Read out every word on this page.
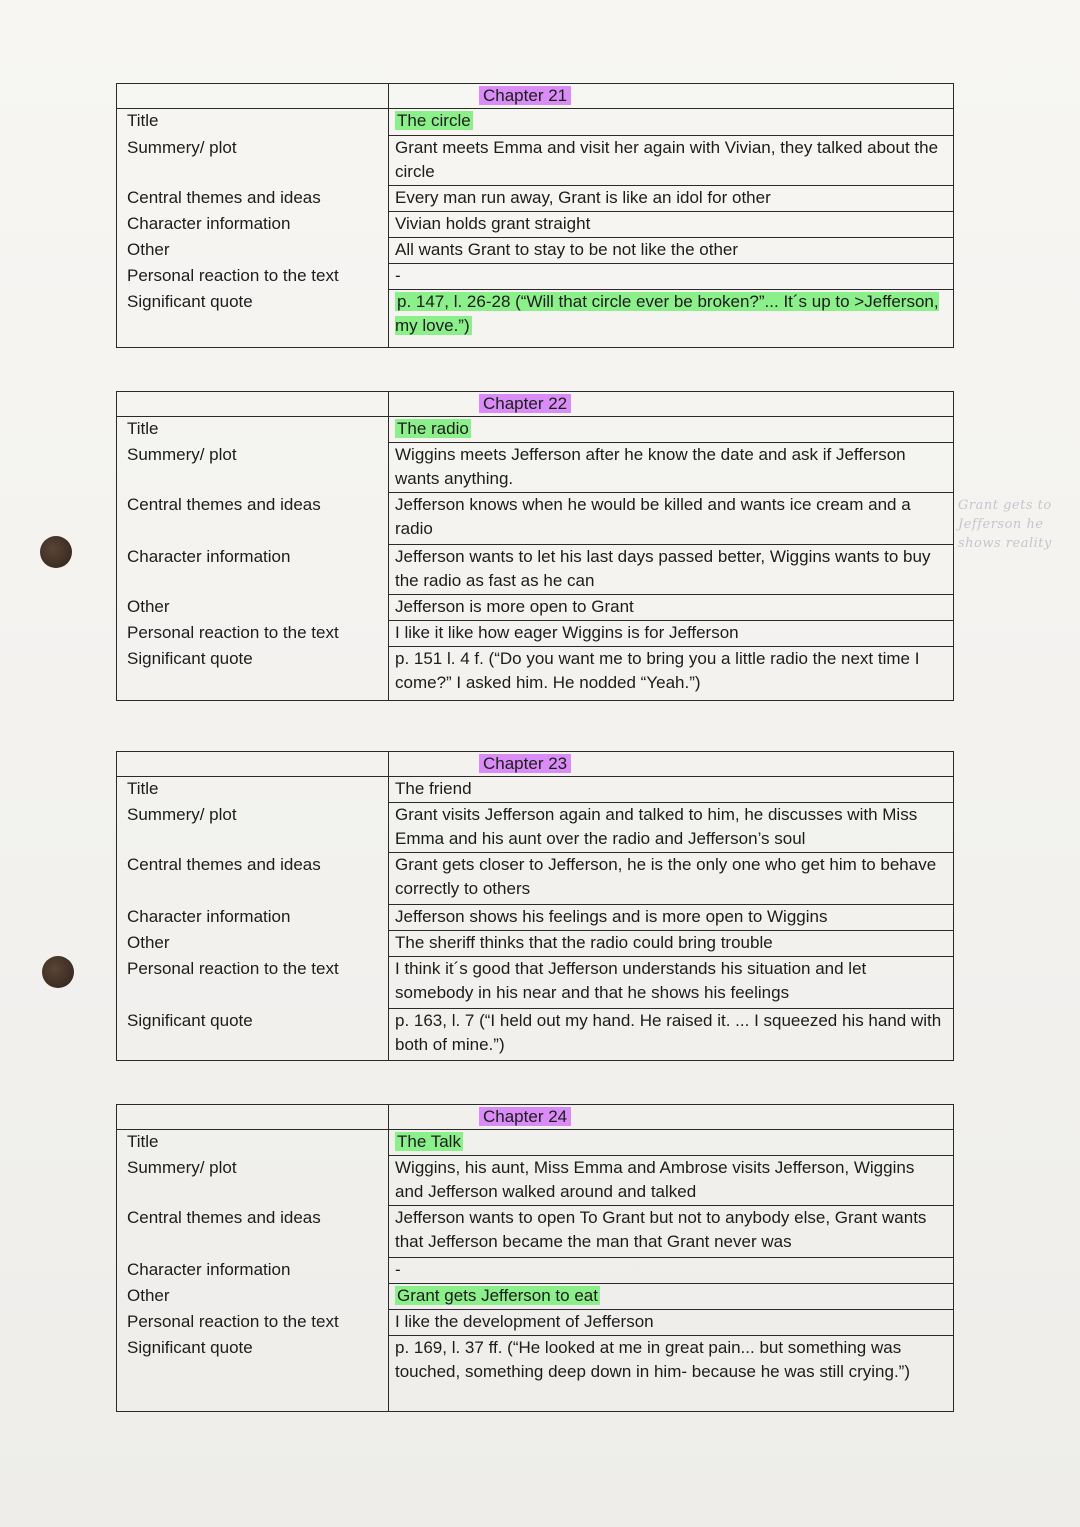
	Chapter 21
Title	The circle
Summery/ plot	Grant meets Emma and visit her again with Vivian, they talked about the circle
Central themes and ideas	Every man run away, Grant is like an idol for other
Character information	Vivian holds grant straight
Other	All wants Grant to stay to be not like the other
Personal reaction to the text	-
Significant quote	p. 147, l. 26-28 (“Will that circle ever be broken?”... It´s up to >Jefferson, my love.”)
	Chapter 22
Title	The radio
Summery/ plot	Wiggins meets Jefferson after he know the date and ask if Jefferson wants anything.
Central themes and ideas	Jefferson knows when he would be killed and wants ice cream and a radio
Character information	Jefferson wants to let his last days passed better, Wiggins wants to buy the radio as fast as he can
Other	Jefferson is more open to Grant
Personal reaction to the text	I like it like how eager Wiggins is for Jefferson
Significant quote	p. 151 l. 4 f. (“Do you want me to bring you a little radio the next time I come?” I asked him. He nodded “Yeah.”)
	Chapter 23
Title	The friend
Summery/ plot	Grant visits Jefferson again and talked to him, he discusses with Miss Emma and his aunt over the radio and Jefferson’s soul
Central themes and ideas	Grant gets closer to Jefferson, he is the only one who get him to behave correctly to others
Character information	Jefferson shows his feelings and is more open to Wiggins
Other	The sheriff thinks that the radio could bring trouble
Personal reaction to the text	I think it´s good that Jefferson understands his situation and let somebody in his near and that he shows his feelings
Significant quote	p. 163, l. 7 (“I held out my hand. He raised it. ... I squeezed his hand with both of mine.”)
	Chapter 24
Title	The Talk
Summery/ plot	Wiggins, his aunt, Miss Emma and Ambrose visits Jefferson, Wiggins and Jefferson walked around and talked
Central themes and ideas	Jefferson wants to open To Grant but not to anybody else, Grant wants that Jefferson became the man that Grant never was
Character information	-
Other	Grant gets Jefferson to eat
Personal reaction to the text	I like the development of Jefferson
Significant quote	p. 169, l. 37 ff. (“He looked at me in great pain... but something was touched, something deep down in him- because he was still crying.”)
Grant gets to Jefferson he shows reality
